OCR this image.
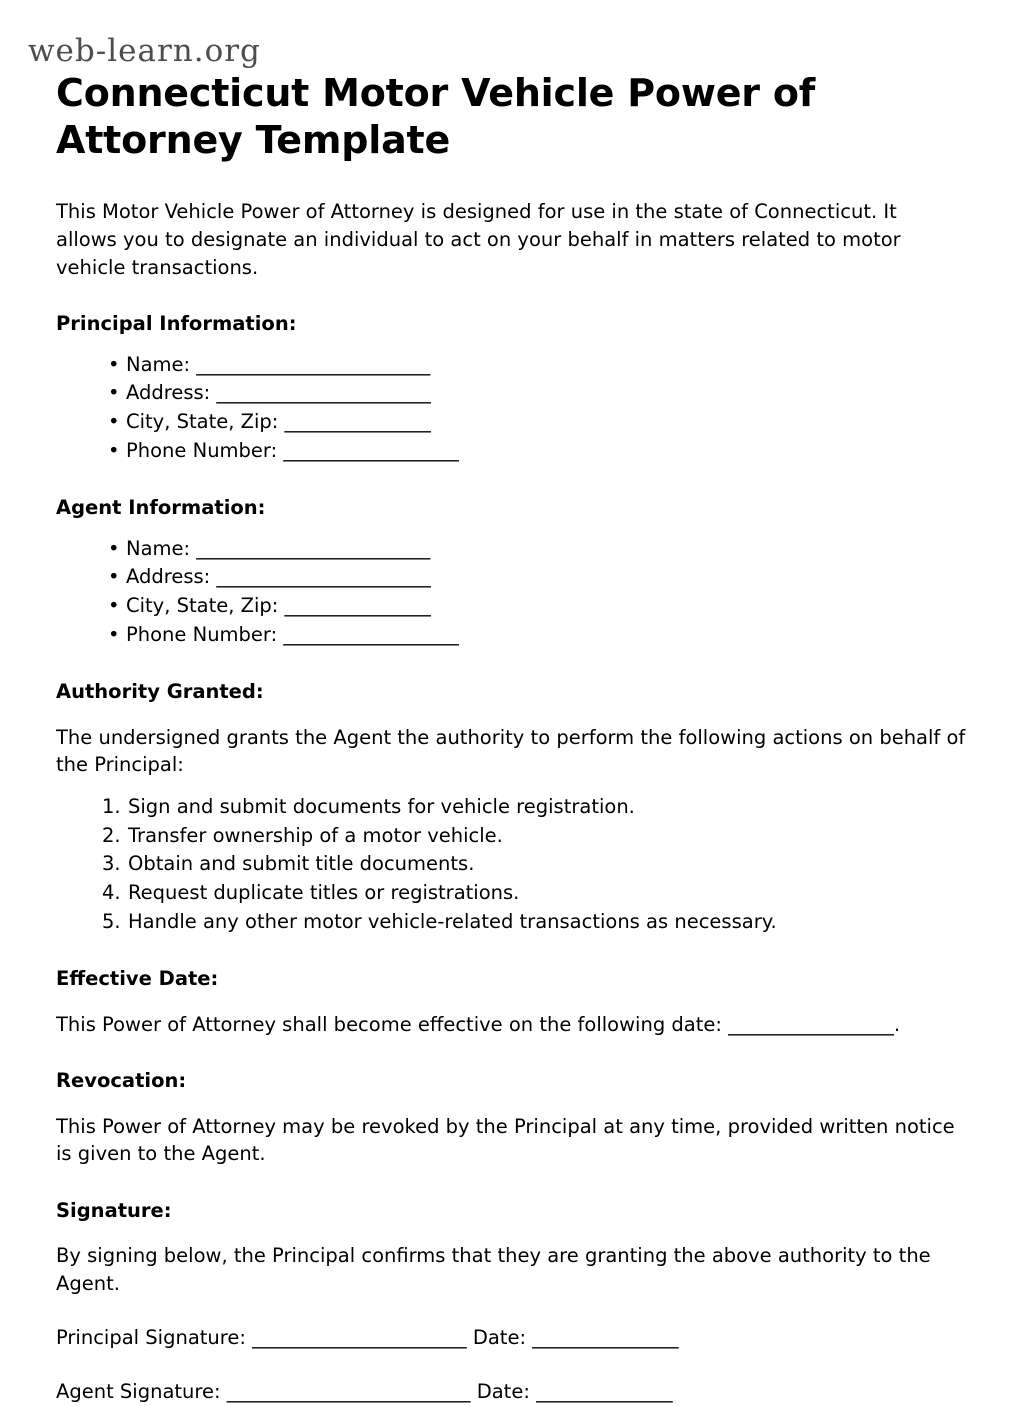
web-learn.org
Connecticut Motor Vehicle Power of Attorney Template

This Motor Vehicle Power of Attorney is designed for use in the state of Connecticut. It allows you to designate an individual to act on your behalf in matters related to motor vehicle transactions.

Principal Information:
• Name: ________________________
• Address: ______________________
• City, State, Zip: _______________
• Phone Number: __________________
Agent Information:
• Name: ________________________
• Address: ______________________
• City, State, Zip: _______________
• Phone Number: __________________
Authority Granted:

The undersigned grants the Agent the authority to perform the following actions on behalf of the Principal:

Sign and submit documents for vehicle registration.
Transfer ownership of a motor vehicle.
Obtain and submit title documents.
Request duplicate titles or registrations.
Handle any other motor vehicle-related transactions as necessary.
Effective Date:

This Power of Attorney shall become effective on the following date: _________________.

Revocation:

This Power of Attorney may be revoked by the Principal at any time, provided written notice is given to the Agent.

Signature:

By signing below, the Principal confirms that they are granting the above authority to the Agent.

Principal Signature: ______________________ Date: _______________

Agent Signature: _________________________ Date: ______________
